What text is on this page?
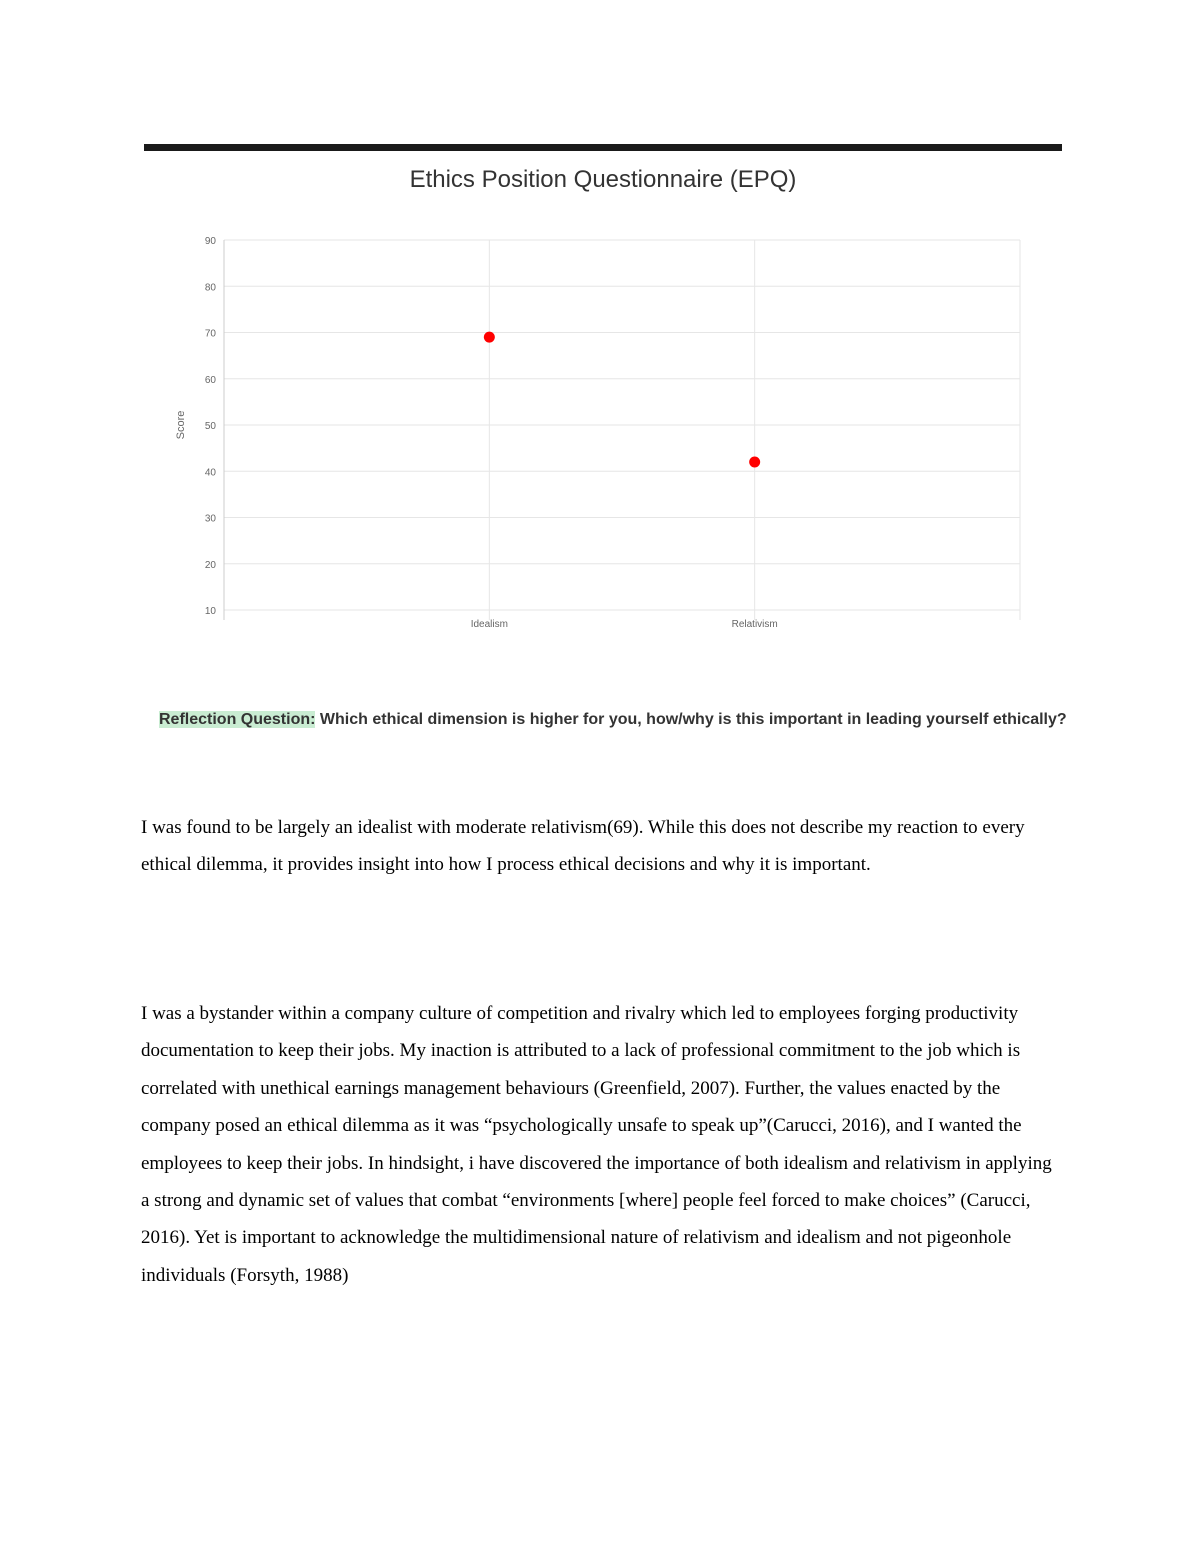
Ethics Position Questionnaire (EPQ)
10
20
30
40
50
60
70
80
90
Idealism	Relativism
Score
Reflection Question: Which ethical dimension is higher for you, how/why is this important in leading yourself ethically?

I was found to be largely an idealist with moderate relativism(69). While this does not describe my reaction to every ethical dilemma, it provides insight into how I process ethical decisions and why it is important.

I was a bystander within a company culture of competition and rivalry which led to employees forging productivity documentation to keep their jobs. My inaction is attributed to a lack of professional commitment to the job which is correlated with unethical earnings management behaviours (Greenfield, 2007). Further, the values enacted by the company posed an ethical dilemma as it was “psychologically unsafe to speak up”(Carucci, 2016), and I wanted the employees to keep their jobs. In hindsight, i have discovered the importance of both idealism and relativism in applying a strong and dynamic set of values that combat “environments [where] people feel forced to make choices” (Carucci, 2016). Yet is important to acknowledge the multidimensional nature of relativism and idealism and not pigeonhole individuals (Forsyth, 1988)
